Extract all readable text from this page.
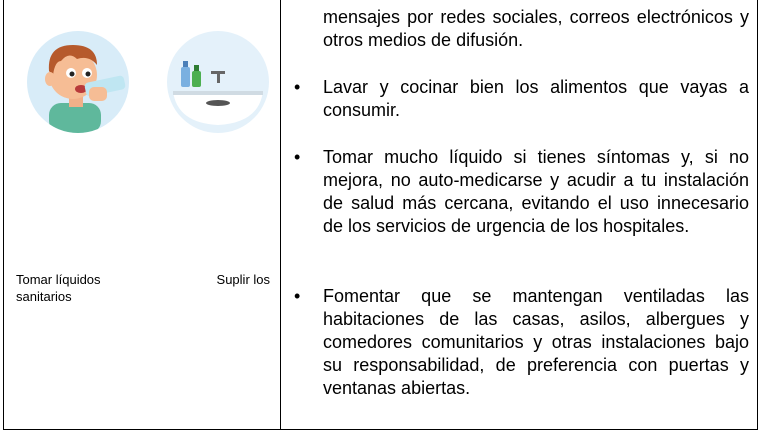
Tomar líquidos
sanitarios
Suplir los
mensajes por redes sociales, correos electrónicos y otros medios de difusión.
• Lavar y cocinar bien los alimentos que vayas a consumir.
• Tomar mucho líquido si tienes síntomas y, si no mejora, no auto-medicarse y acudir a tu instalación de salud más cercana, evitando el uso innecesario de los servicios de urgencia de los hospitales.
• Fomentar que se mantengan ventiladas las habitaciones de las casas, asilos, albergues y comedores comunitarios y otras instalaciones bajo su responsabilidad, de preferencia con puertas y ventanas abiertas.
